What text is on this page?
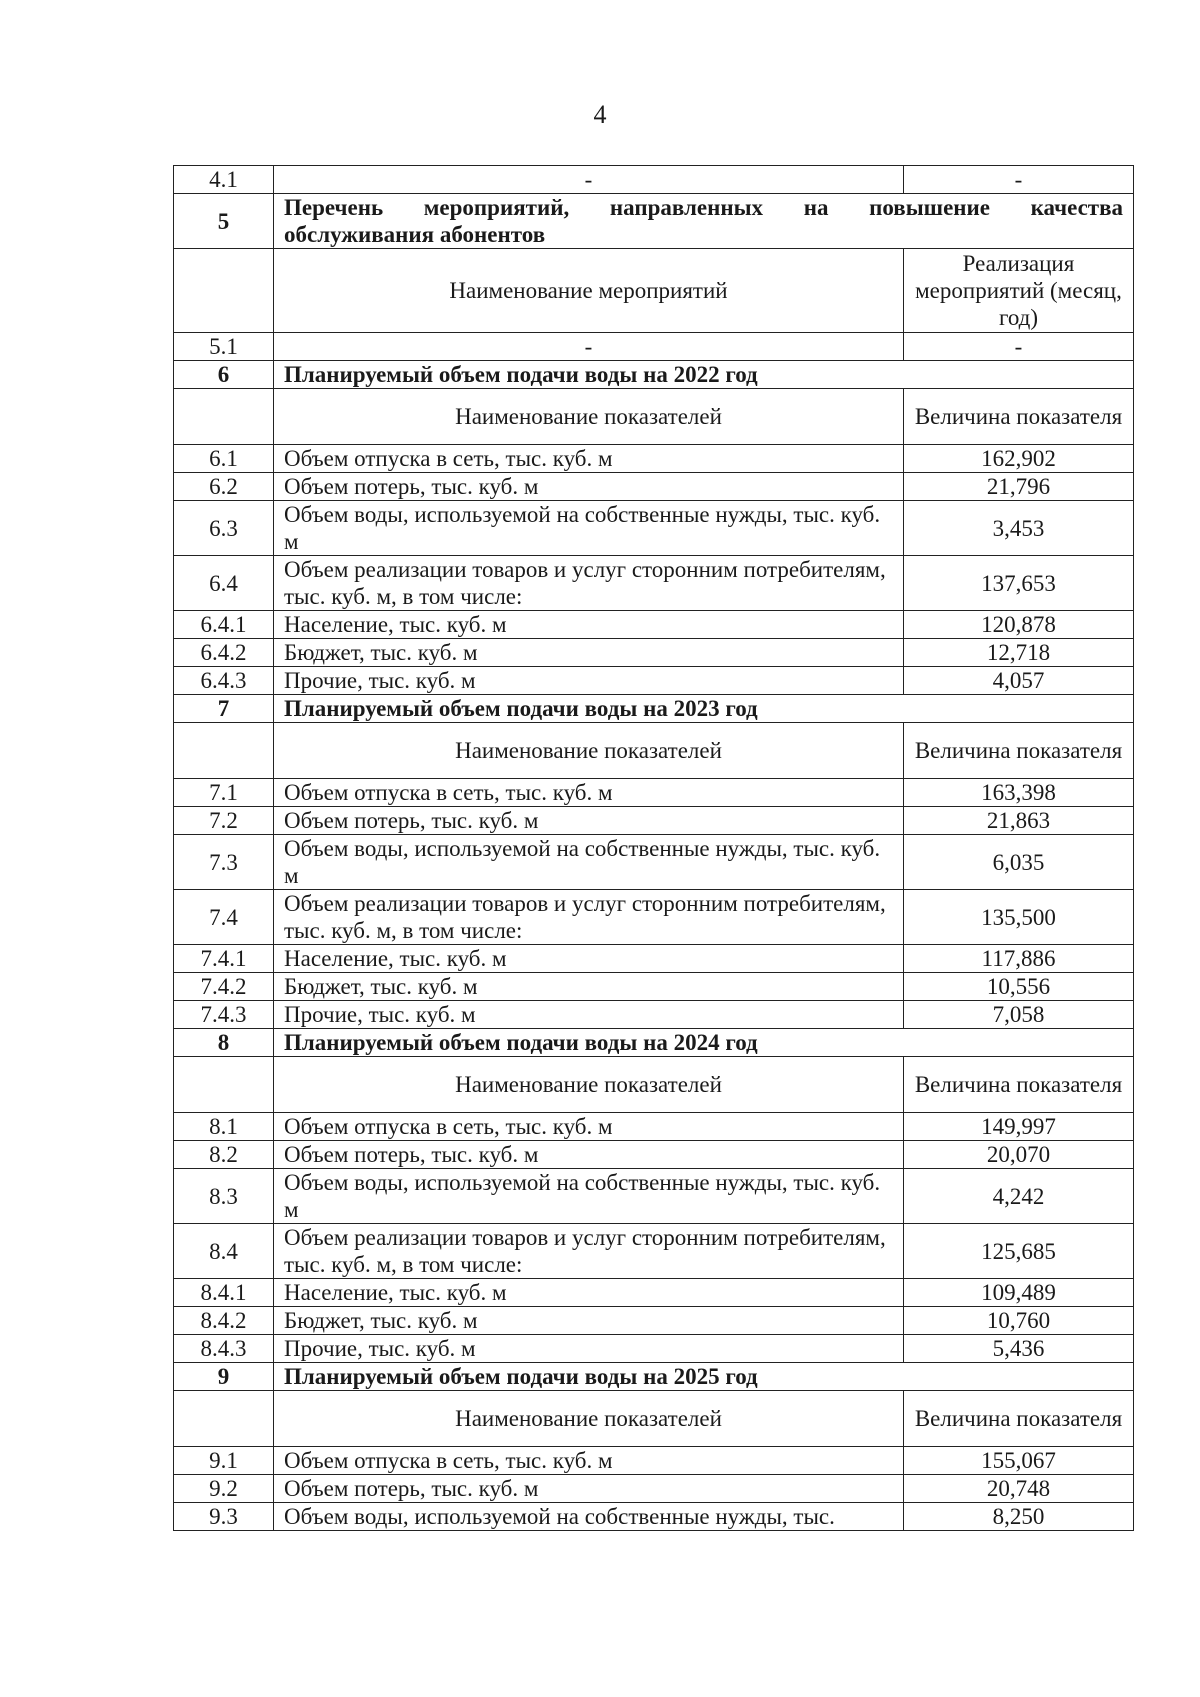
4
4.1	-	-
5	Перечень мероприятий, направленных на повышение качества
обслуживания абонентов	
	Наименование мероприятий	Реализация мероприятий (месяц, год)
5.1	-	-
6	Планируемый объем подачи воды на 2022 год	
	Наименование показателей	Величина показателя
6.1	Объем отпуска в сеть, тыс. куб. м	162,902
6.2	Объем потерь, тыс. куб. м	21,796
6.3	Объем воды, используемой на собственные нужды, тыс. куб. м	3,453
6.4	Объем реализации товаров и услуг сторонним потребителям, тыс. куб. м, в том числе:	137,653
6.4.1	Население, тыс. куб. м	120,878
6.4.2	Бюджет, тыс. куб. м	12,718
6.4.3	Прочие, тыс. куб. м	4,057
7	Планируемый объем подачи воды на 2023 год	
	Наименование показателей	Величина показателя
7.1	Объем отпуска в сеть, тыс. куб. м	163,398
7.2	Объем потерь, тыс. куб. м	21,863
7.3	Объем воды, используемой на собственные нужды, тыс. куб. м	6,035
7.4	Объем реализации товаров и услуг сторонним потребителям, тыс. куб. м, в том числе:	135,500
7.4.1	Население, тыс. куб. м	117,886
7.4.2	Бюджет, тыс. куб. м	10,556
7.4.3	Прочие, тыс. куб. м	7,058
8	Планируемый объем подачи воды на 2024 год	
	Наименование показателей	Величина показателя
8.1	Объем отпуска в сеть, тыс. куб. м	149,997
8.2	Объем потерь, тыс. куб. м	20,070
8.3	Объем воды, используемой на собственные нужды, тыс. куб. м	4,242
8.4	Объем реализации товаров и услуг сторонним потребителям, тыс. куб. м, в том числе:	125,685
8.4.1	Население, тыс. куб. м	109,489
8.4.2	Бюджет, тыс. куб. м	10,760
8.4.3	Прочие, тыс. куб. м	5,436
9	Планируемый объем подачи воды на 2025 год	
	Наименование показателей	Величина показателя
9.1	Объем отпуска в сеть, тыс. куб. м	155,067
9.2	Объем потерь, тыс. куб. м	20,748
9.3	Объем воды, используемой на собственные нужды, тыс.	8,250
